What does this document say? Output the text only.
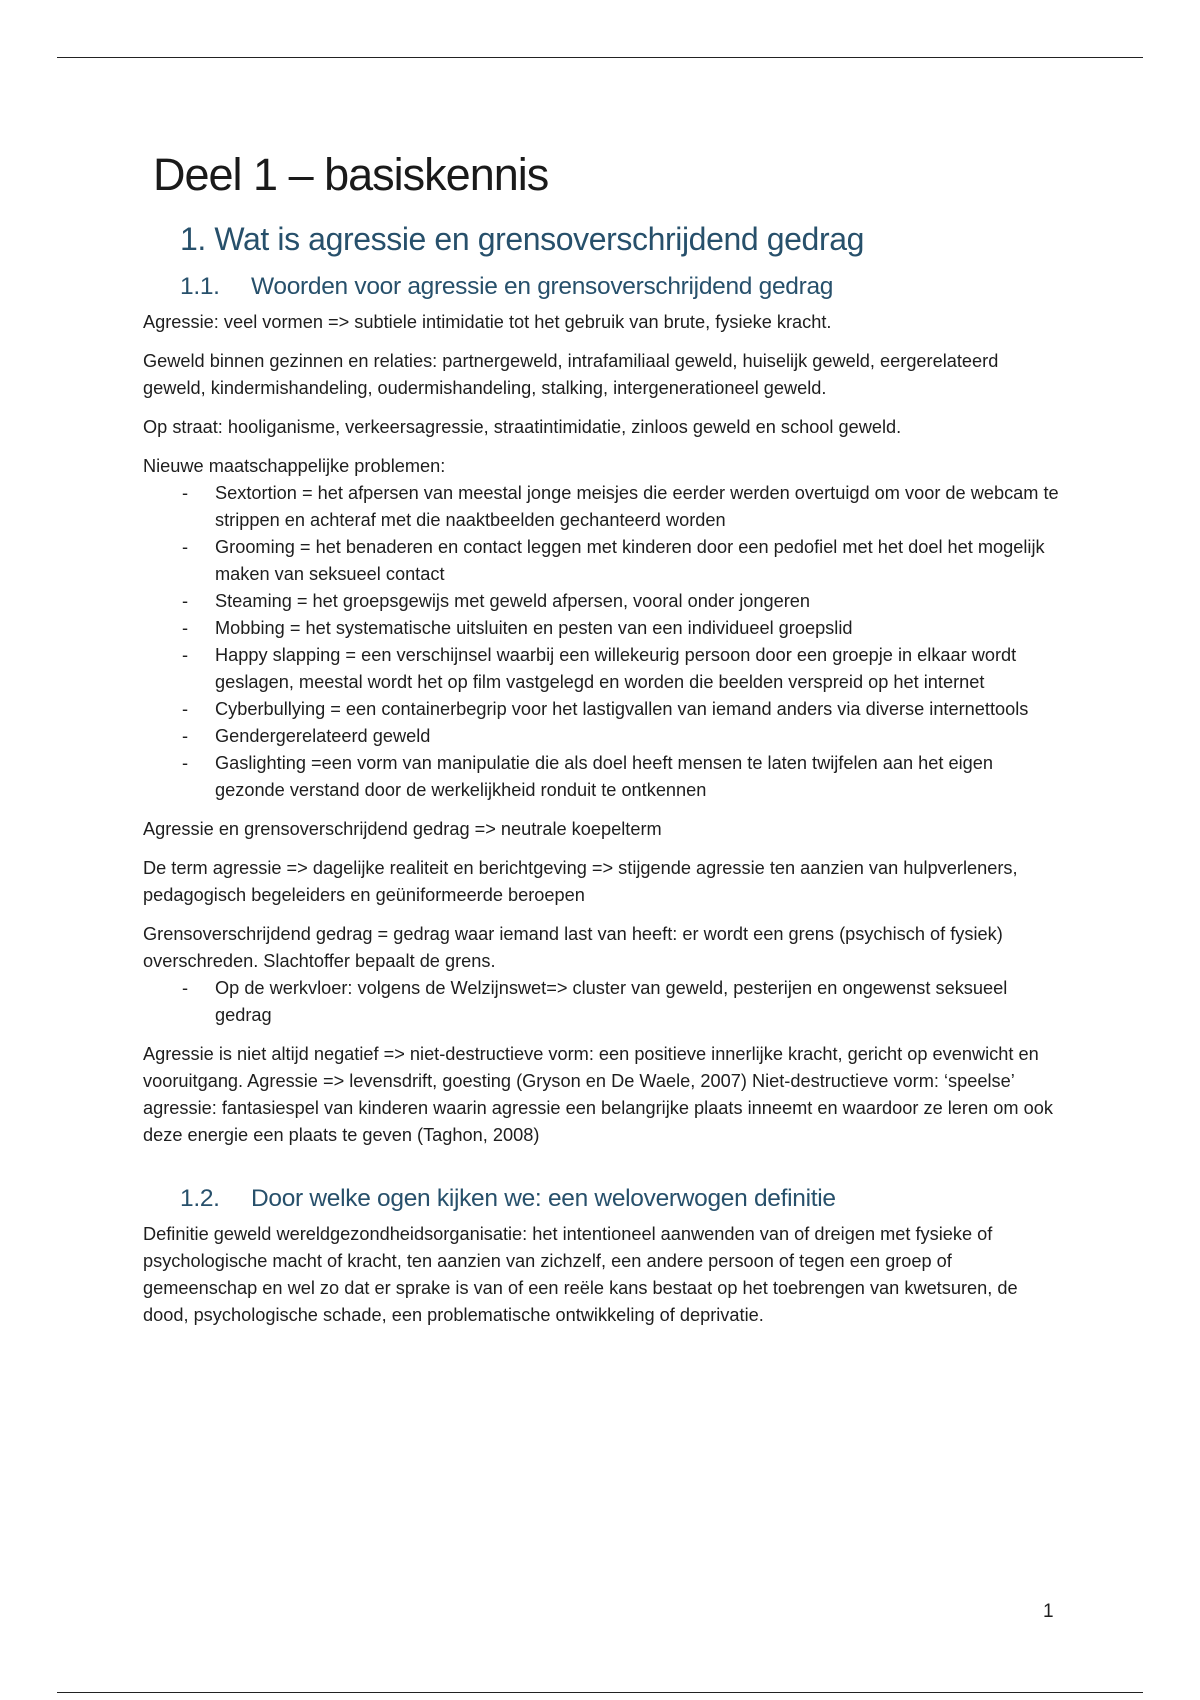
Deel 1 – basiskennis
1. Wat is agressie en grensoverschrijdend gedrag
1.1.	Woorden voor agressie en grensoverschrijdend gedrag

Agressie: veel vormen => subtiele intimidatie tot het gebruik van brute, fysieke kracht.

Geweld binnen gezinnen en relaties: partnergeweld, intrafamiliaal geweld, huiselijk geweld, eergerelateerd geweld, kindermishandeling, oudermishandeling, stalking, intergenerationeel geweld.

Op straat: hooliganisme, verkeersagressie, straatintimidatie, zinloos geweld en school geweld.

Nieuwe maatschappelijke problemen:

- Sextortion = het afpersen van meestal jonge meisjes die eerder werden overtuigd om voor de webcam te strippen en achteraf met die naaktbeelden gechanteerd worden
- Grooming = het benaderen en contact leggen met kinderen door een pedofiel met het doel het mogelijk maken van seksueel contact
- Steaming = het groepsgewijs met geweld afpersen, vooral onder jongeren
- Mobbing = het systematische uitsluiten en pesten van een individueel groepslid
- Happy slapping = een verschijnsel waarbij een willekeurig persoon door een groepje in elkaar wordt geslagen, meestal wordt het op film vastgelegd en worden die beelden verspreid op het internet
- Cyberbullying = een containerbegrip voor het lastigvallen van iemand anders via diverse internettools
- Gendergerelateerd geweld
- Gaslighting =een vorm van manipulatie die als doel heeft mensen te laten twijfelen aan het eigen gezonde verstand door de werkelijkheid ronduit te ontkennen

Agressie en grensoverschrijdend gedrag => neutrale koepelterm

De term agressie => dagelijke realiteit en berichtgeving => stijgende agressie ten aanzien van hulpverleners, pedagogisch begeleiders en geüniformeerde beroepen

Grensoverschrijdend gedrag = gedrag waar iemand last van heeft: er wordt een grens (psychisch of fysiek) overschreden. Slachtoffer bepaalt de grens.

- Op de werkvloer: volgens de Welzijnswet=> cluster van geweld, pesterijen en ongewenst seksueel gedrag

Agressie is niet altijd negatief => niet-destructieve vorm: een positieve innerlijke kracht, gericht op evenwicht en vooruitgang. Agressie => levensdrift, goesting (Gryson en De Waele, 2007) Niet-destructieve vorm: ‘speelse’ agressie: fantasiespel van kinderen waarin agressie een belangrijke plaats inneemt en waardoor ze leren om ook deze energie een plaats te geven (Taghon, 2008)

1.2.	Door welke ogen kijken we: een weloverwogen definitie

Definitie geweld wereldgezondheidsorganisatie: het intentioneel aanwenden van of dreigen met fysieke of psychologische macht of kracht, ten aanzien van zichzelf, een andere persoon of tegen een groep of gemeenschap en wel zo dat er sprake is van of een reële kans bestaat op het toebrengen van kwetsuren, de dood, psychologische schade, een problematische ontwikkeling of deprivatie.

1
